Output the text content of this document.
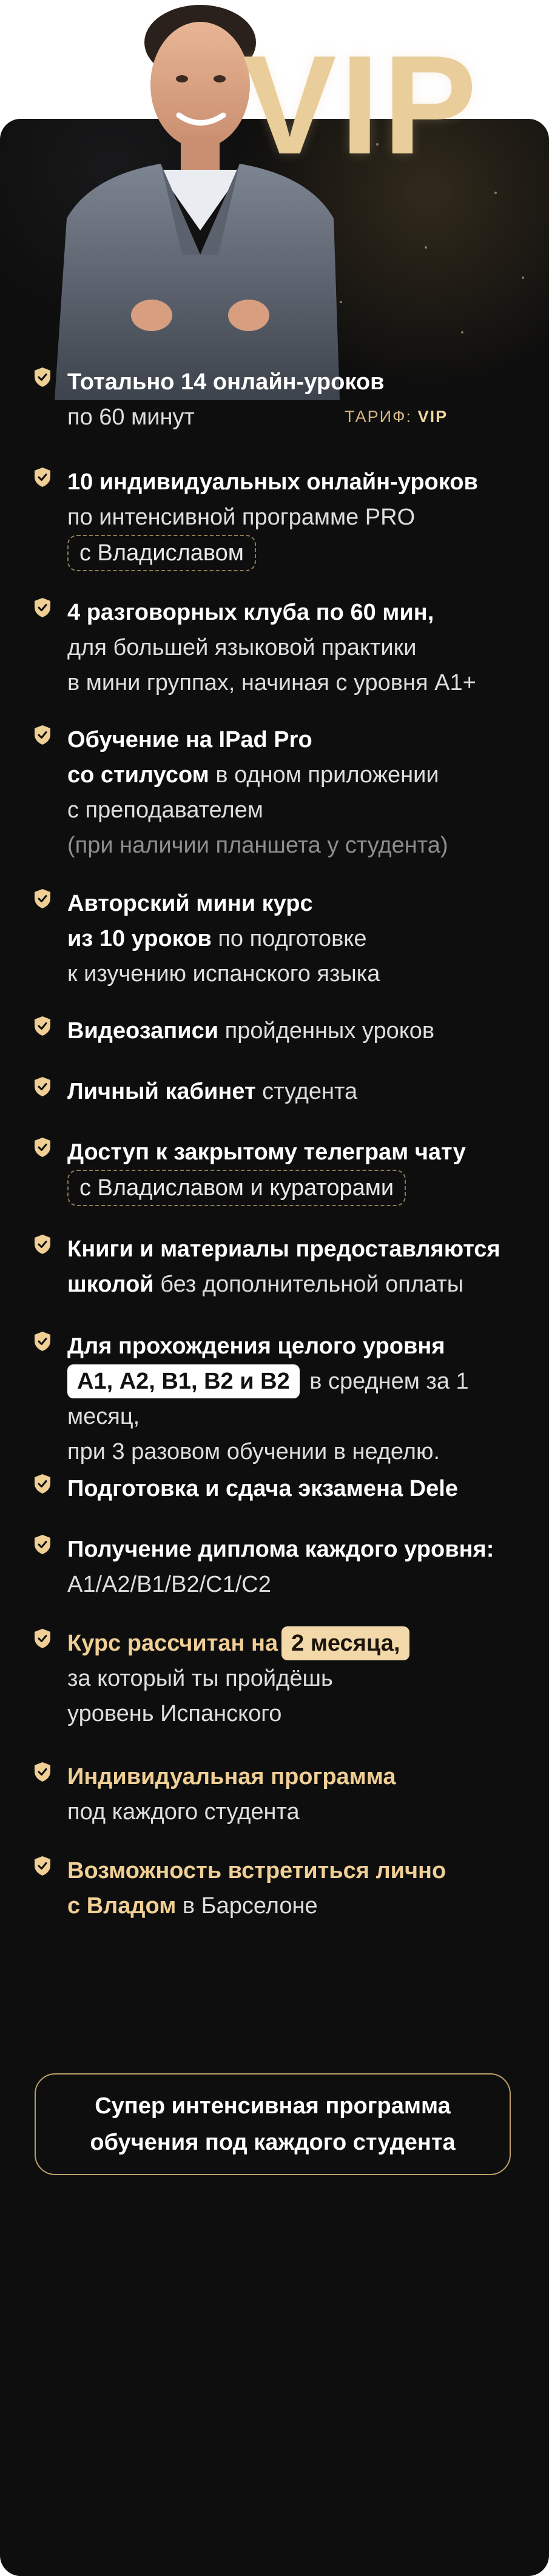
VIP
ТАРИФ: VIP
Тотально 14 онлайн-уроков
по 60 минут
10 индивидуальных онлайн-уроков
по интенсивной программе PRO
с Владиславом
4 разговорных клуба по 60 мин,
для большей языковой практики
в мини группах, начиная с уровня А1+
Обучение на IPad Pro
со стилусом в одном приложении
с преподавателем
(при наличии планшета у студента)
Авторский мини курс
из 10 уроков по подготовке
к изучению испанского языка
Видеозаписи пройденных уроков
Личный кабинет студента
Доступ к закрытому телеграм чату
с Владиславом и кураторами
Книги и материалы предоставляются
школой без дополнительной оплаты
Для прохождения целого уровня
А1, А2, В1, В2 и В2 в среднем за 1 месяц,
при 3 разовом обучении в неделю.
Подготовка и сдача экзамена Dele
Получение диплома каждого уровня:
А1/А2/В1/В2/С1/С2
Курс рассчитан на 2 месяца,
за который ты пройдёшь
уровень Испанского
Индивидуальная программа
под каждого студента
Возможность встретиться лично
с Владом в Барселоне
Супер интенсивная программа
обучения под каждого студента
